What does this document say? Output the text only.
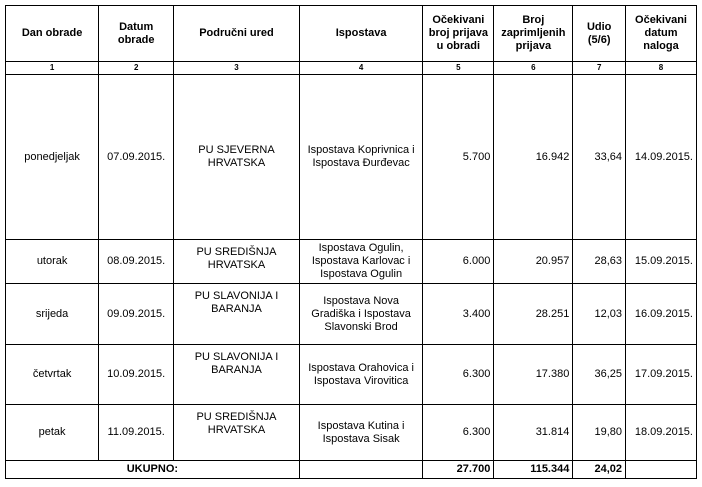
Dan obrade	Datum obrade	Područni ured	Ispostava	Očekivani broj prijava u obradi	Broj zaprimljenih prijava	Udio (5/6)	Očekivani datum naloga
1	2	3	4	5	6	7	8
ponedjeljak	07.09.2015.	PU SJEVERNA HRVATSKA	Ispostava Koprivnica i Ispostava Đurđevac	5.700	16.942	33,64	14.09.2015.
utorak	08.09.2015.	PU SREDIŠNJA HRVATSKA	Ispostava Ogulin, Ispostava Karlovac i Ispostava Ogulin	6.000	20.957	28,63	15.09.2015.
srijeda	09.09.2015.	PU SLAVONIJA I BARANJA	Ispostava Nova Gradiška i Ispostava Slavonski Brod	3.400	28.251	12,03	16.09.2015.
četvrtak	10.09.2015.	PU SLAVONIJA I BARANJA	Ispostava Orahovica i Ispostava Virovitica	6.300	17.380	36,25	17.09.2015.
petak	11.09.2015.	PU SREDIŠNJA HRVATSKA	Ispostava Kutina i Ispostava Sisak	6.300	31.814	19,80	18.09.2015.
UKUPNO:				27.700	115.344	24,02	
